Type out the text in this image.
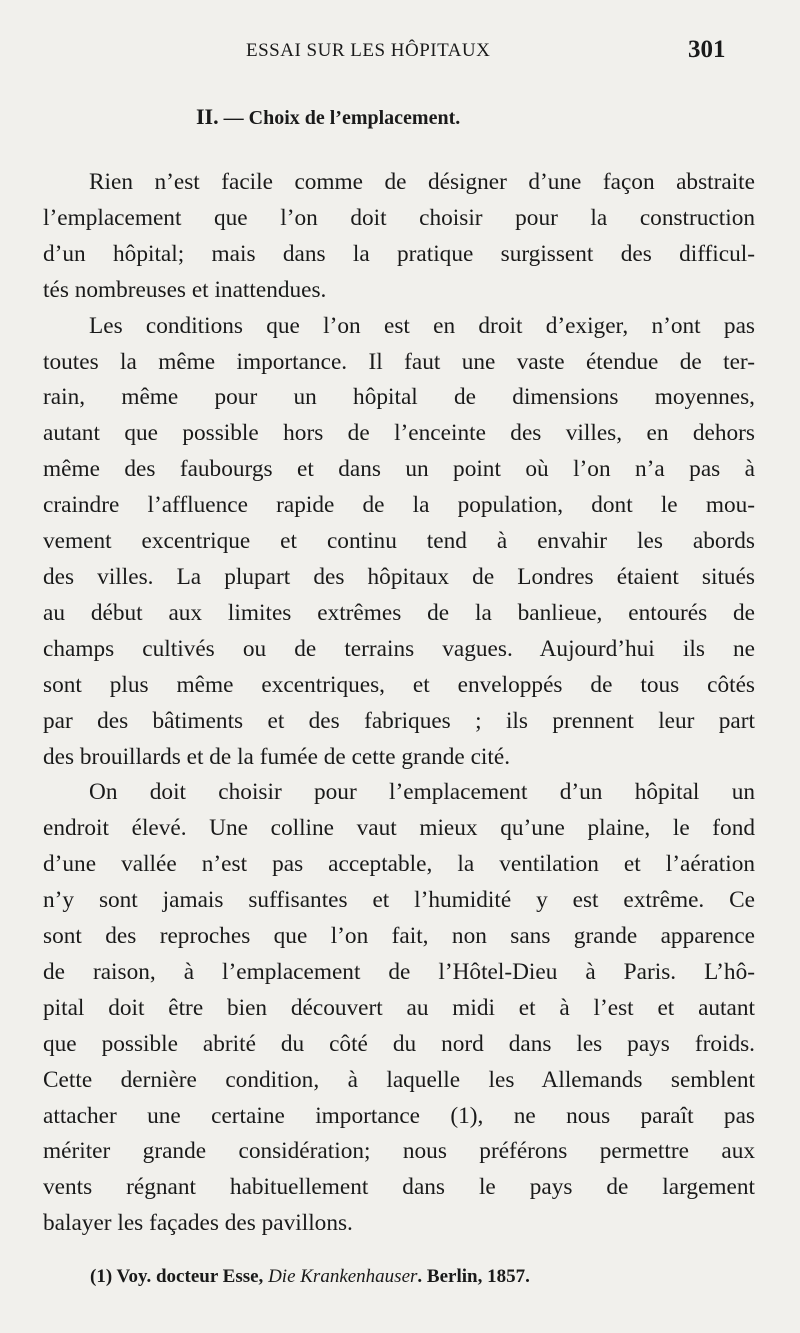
ESSAI SUR LES HÔPITAUX	301
II. — Choix de l’emplacement.
Rien n’est facile comme de désigner d’une façon abstraite
l’emplacement que l’on doit choisir pour la construction
d’un hôpital; mais dans la pratique surgissent des difficul-
tés nombreuses et inattendues.
Les conditions que l’on est en droit d’exiger, n’ont pas
toutes la même importance. Il faut une vaste étendue de ter-
rain, même pour un hôpital de dimensions moyennes,
autant que possible hors de l’enceinte des villes, en dehors
même des faubourgs et dans un point où l’on n’a pas à
craindre l’affluence rapide de la population, dont le mou-
vement excentrique et continu tend à envahir les abords
des villes. La plupart des hôpitaux de Londres étaient situés
au début aux limites extrêmes de la banlieue, entourés de
champs cultivés ou de terrains vagues. Aujourd’hui ils ne
sont plus même excentriques, et enveloppés de tous côtés
par des bâtiments et des fabriques ; ils prennent leur part
des brouillards et de la fumée de cette grande cité.
On doit choisir pour l’emplacement d’un hôpital un
endroit élevé. Une colline vaut mieux qu’une plaine, le fond
d’une vallée n’est pas acceptable, la ventilation et l’aération
n’y sont jamais suffisantes et l’humidité y est extrême. Ce
sont des reproches que l’on fait, non sans grande apparence
de raison, à l’emplacement de l’Hôtel-Dieu à Paris. L’hô-
pital doit être bien découvert au midi et à l’est et autant
que possible abrité du côté du nord dans les pays froids.
Cette dernière condition, à laquelle les Allemands semblent
attacher une certaine importance (1), ne nous paraît pas
mériter grande considération; nous préférons permettre aux
vents régnant habituellement dans le pays de largement
balayer les façades des pavillons.
(1) Voy. docteur Esse, Die Krankenhauser. Berlin, 1857.
